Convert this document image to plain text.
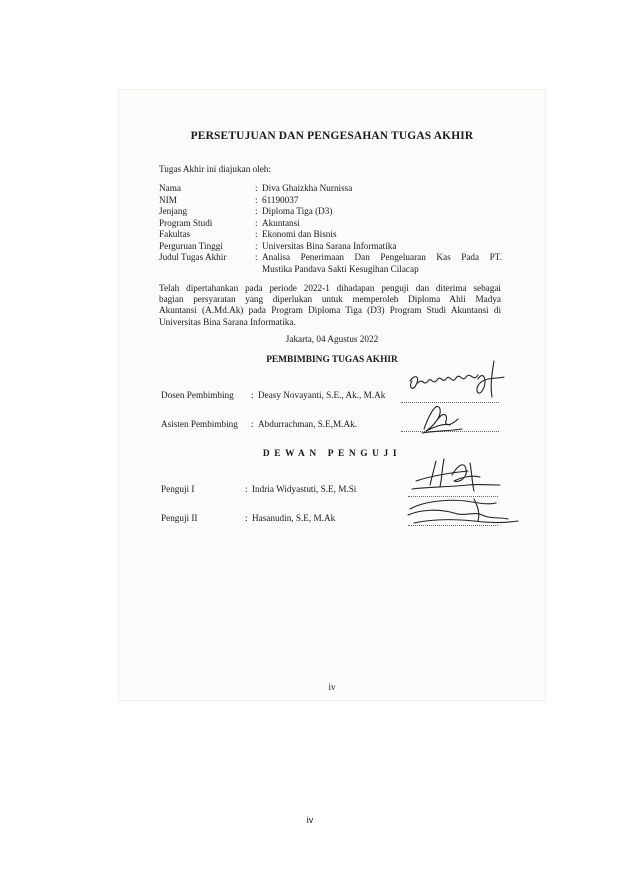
PERSETUJUAN DAN PENGESAHAN TUGAS AKHIR
Tugas Akhir ini diajukan oleh:
Nama	: Diva Ghaizkha Nurnissa
NIM	: 61190037
Jenjang	: Diploma Tiga (D3)
Program Studi	: Akuntansi
Fakultas	: Ekonomi dan Bisnis
Perguruan Tinggi	: Universitas Bina Sarana Informatika
Judul Tugas Akhir	: Analisa Penerimaan Dan Pengeluaran Kas Pada PT.
Mustika Pandava Sakti Kesugihan Cilacap
Telah dipertahankan pada periode 2022-1 dihadapan penguji dan diterima sebagai
bagian persyaratan yang diperlukan untuk memperoleh Diploma Ahli Madya
Akuntansi (A.Md.Ak) pada Program Diploma Tiga (D3) Program Studi Akuntansi di
Universitas Bina Sarana Informatika.
Jakarta, 04 Agustus 2022
PEMBIMBING TUGAS AKHIR
Dosen Pembimbing	: Deasy Novayanti, S.E., Ak., M.Ak
Asisten Pembimbing	: Abdurrachman, S.E,M.Ak.
DEWAN PENGUJI
Penguji I	: Indria Widyastuti, S.E, M.Si
Penguji II	: Hasanudin, S.E, M.Ak
iv
iv
